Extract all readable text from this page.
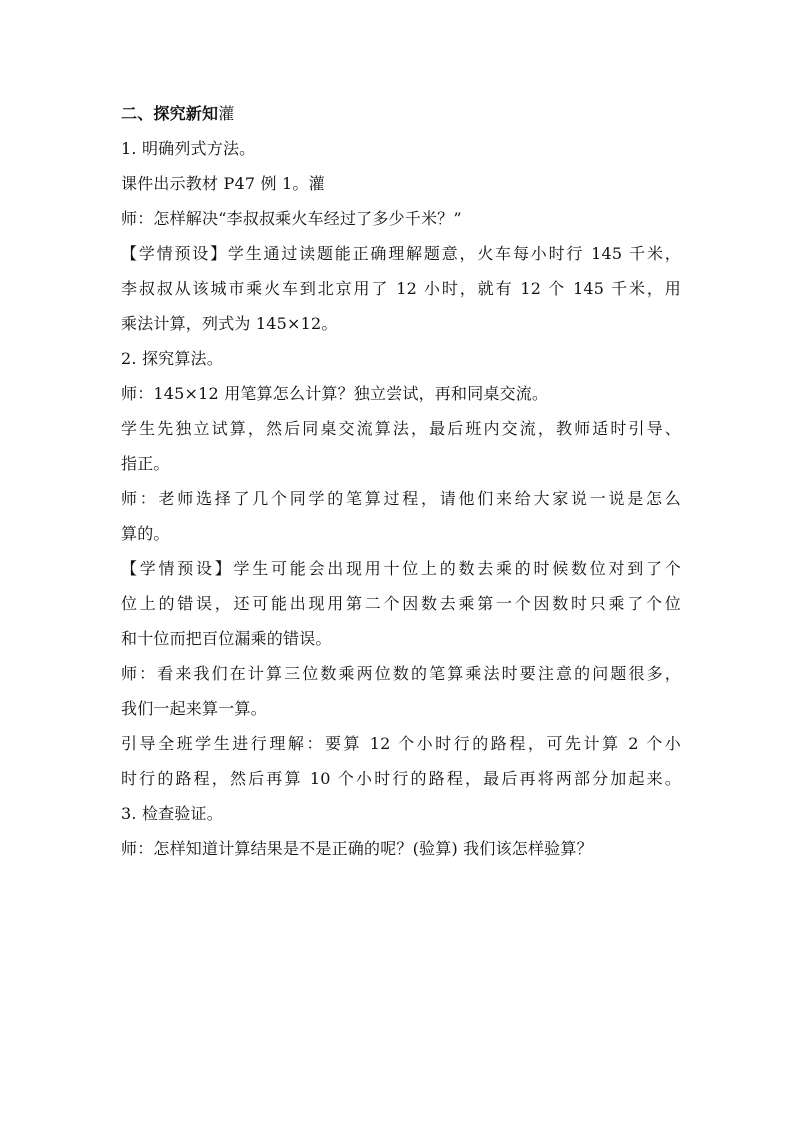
二、探究新知灌

1. 明确列式方法。

课件出示教材 P47 例 1。灌

师：怎样解决“李叔叔乘火车经过了多少千米？”

【学情预设】学生通过读题能正确理解题意，火车每小时行 145 千米，

李叔叔从该城市乘火车到北京用了 12 小时，就有 12 个 145 千米，用

乘法计算，列式为 145×12。

2. 探究算法。

师：145×12 用笔算怎么计算？独立尝试，再和同桌交流。

学生先独立试算，然后同桌交流算法，最后班内交流，教师适时引导、

指正。

师：老师选择了几个同学的笔算过程，请他们来给大家说一说是怎么

算的。

【学情预设】学生可能会出现用十位上的数去乘的时候数位对到了个

位上的错误，还可能出现用第二个因数去乘第一个因数时只乘了个位

和十位而把百位漏乘的错误。

师：看来我们在计算三位数乘两位数的笔算乘法时要注意的问题很多，

我们一起来算一算。

引导全班学生进行理解：要算 12 个小时行的路程，可先计算 2 个小

时行的路程，然后再算 10 个小时行的路程，最后再将两部分加起来。

3. 检查验证。

师：怎样知道计算结果是不是正确的呢？(验算) 我们该怎样验算？
